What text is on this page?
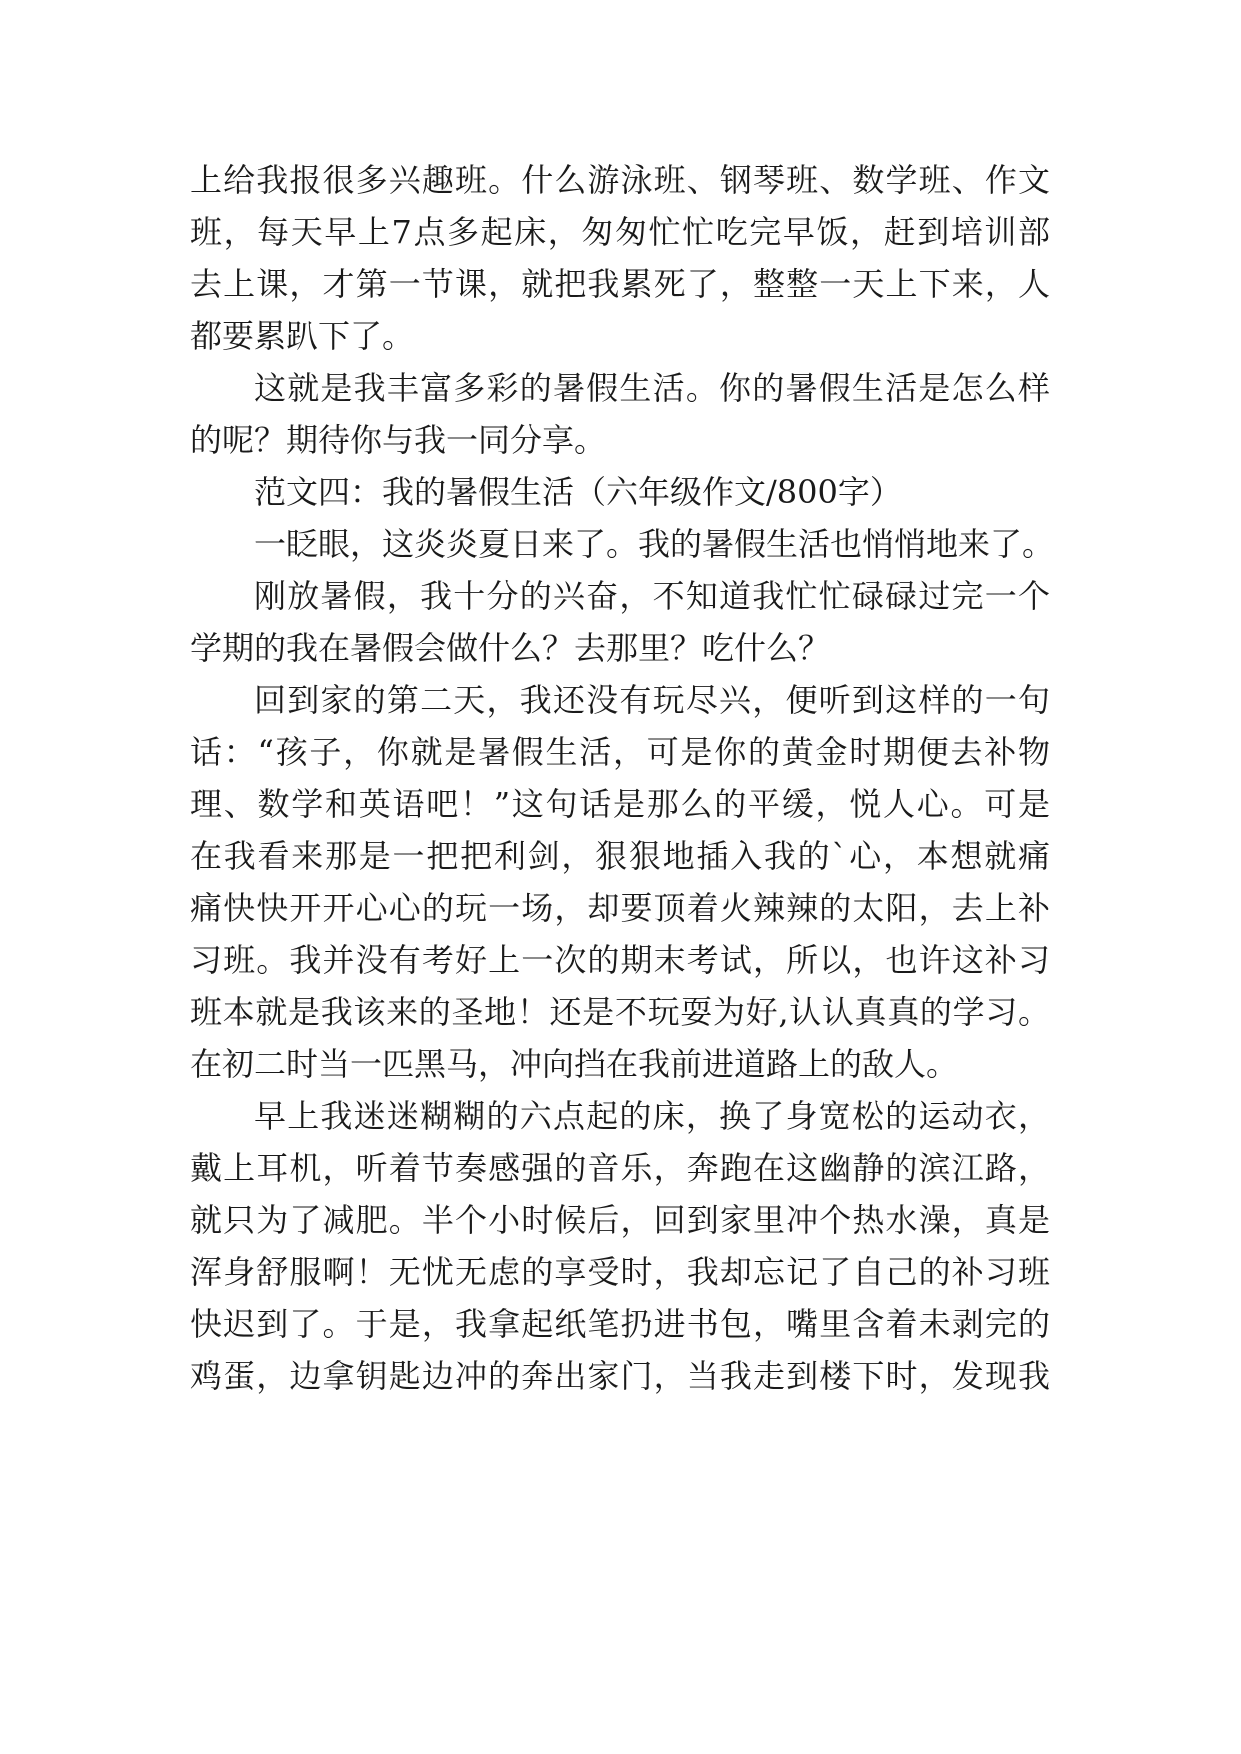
上给我报很多兴趣班。什么游泳班、钢琴班、数学班、作文
班，每天早上7点多起床，匆匆忙忙吃完早饭，赶到培训部
去上课，才第一节课，就把我累死了，整整一天上下来，人
都要累趴下了。
这就是我丰富多彩的暑假生活。你的暑假生活是怎么样
的呢？期待你与我一同分享。
范文四：我的暑假生活（六年级作文/800字）
一眨眼，这炎炎夏日来了。我的暑假生活也悄悄地来了。
刚放暑假，我十分的兴奋，不知道我忙忙碌碌过完一个
学期的我在暑假会做什么？去那里？吃什么？
回到家的第二天，我还没有玩尽兴，便听到这样的一句
话：“孩子，你就是暑假生活，可是你的黄金时期便去补物
理、数学和英语吧！”这句话是那么的平缓，悦人心。可是
在我看来那是一把把利剑，狠狠地插入我的`心，本想就痛
痛快快开开心心的玩一场，却要顶着火辣辣的太阳，去上补
习班。我并没有考好上一次的期末考试，所以，也许这补习
班本就是我该来的圣地！还是不玩耍为好,认认真真的学习。
在初二时当一匹黑马，冲向挡在我前进道路上的敌人。
早上我迷迷糊糊的六点起的床，换了身宽松的运动衣，
戴上耳机，听着节奏感强的音乐，奔跑在这幽静的滨江路，
就只为了减肥。半个小时候后，回到家里冲个热水澡，真是
浑身舒服啊！无忧无虑的享受时，我却忘记了自己的补习班
快迟到了。于是，我拿起纸笔扔进书包，嘴里含着未剥完的
鸡蛋，边拿钥匙边冲的奔出家门，当我走到楼下时，发现我
